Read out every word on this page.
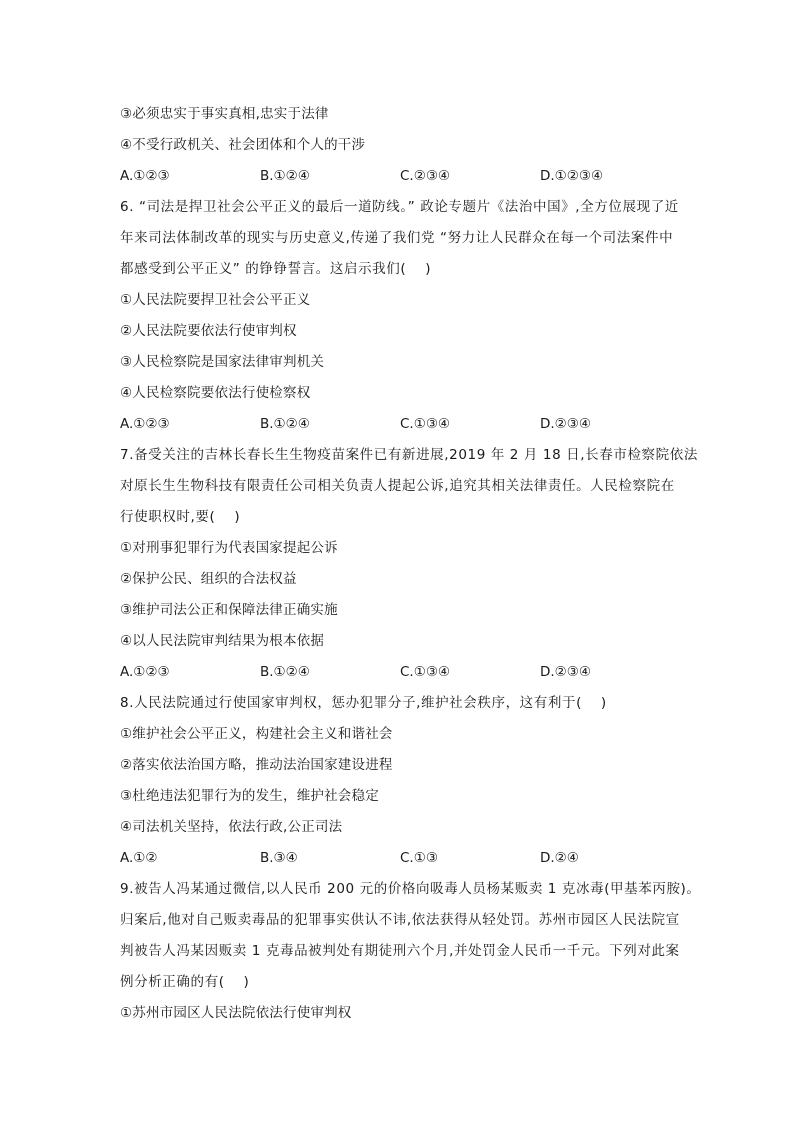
③必须忠实于事实真相,忠实于法律
④不受行政机关、社会团体和个人的干涉
A.①②③	B.①②④	C.②③④	D.①②③④
6. “司法是捍卫社会公平正义的最后一道防线。” 政论专题片《法治中国》,全方位展现了近
年来司法体制改革的现实与历史意义,传递了我们党 “努力让人民群众在每一个司法案件中
都感受到公平正义” 的铮铮誓言。这启示我们(　 )
①人民法院要捍卫社会公平正义
②人民法院要依法行使审判权
③人民检察院是国家法律审判机关
④人民检察院要依法行使检察权
A.①②③	B.①②④	C.①③④	D.②③④
7.备受关注的吉林长春长生生物疫苗案件已有新进展,2019 年 2 月 18 日,长春市检察院依法
对原长生生物科技有限责任公司相关负责人提起公诉,追究其相关法律责任。人民检察院在
行使职权时,要(　 )
①对刑事犯罪行为代表国家提起公诉
②保护公民、组织的合法权益
③维护司法公正和保障法律正确实施
④以人民法院审判结果为根本依据
A.①②③	B.①②④	C.①③④	D.②③④
8.人民法院通过行使国家审判权，惩办犯罪分子,维护社会秩序，这有利于(　 )
①维护社会公平正义，构建社会主义和谐社会
②落实依法治国方略，推动法治国家建设进程
③杜绝违法犯罪行为的发生，维护社会稳定
④司法机关坚持，依法行政,公正司法
A.①②	B.③④	C.①③	D.②④
9.被告人冯某通过微信,以人民币 200 元的价格向吸毒人员杨某贩卖 1 克冰毒(甲基苯丙胺)。
归案后,他对自己贩卖毒品的犯罪事实供认不讳,依法获得从轻处罚。苏州市园区人民法院宣
判被告人冯某因贩卖 1 克毒品被判处有期徒刑六个月,并处罚金人民币一千元。下列对此案
例分析正确的有(　 )
①苏州市园区人民法院依法行使审判权
